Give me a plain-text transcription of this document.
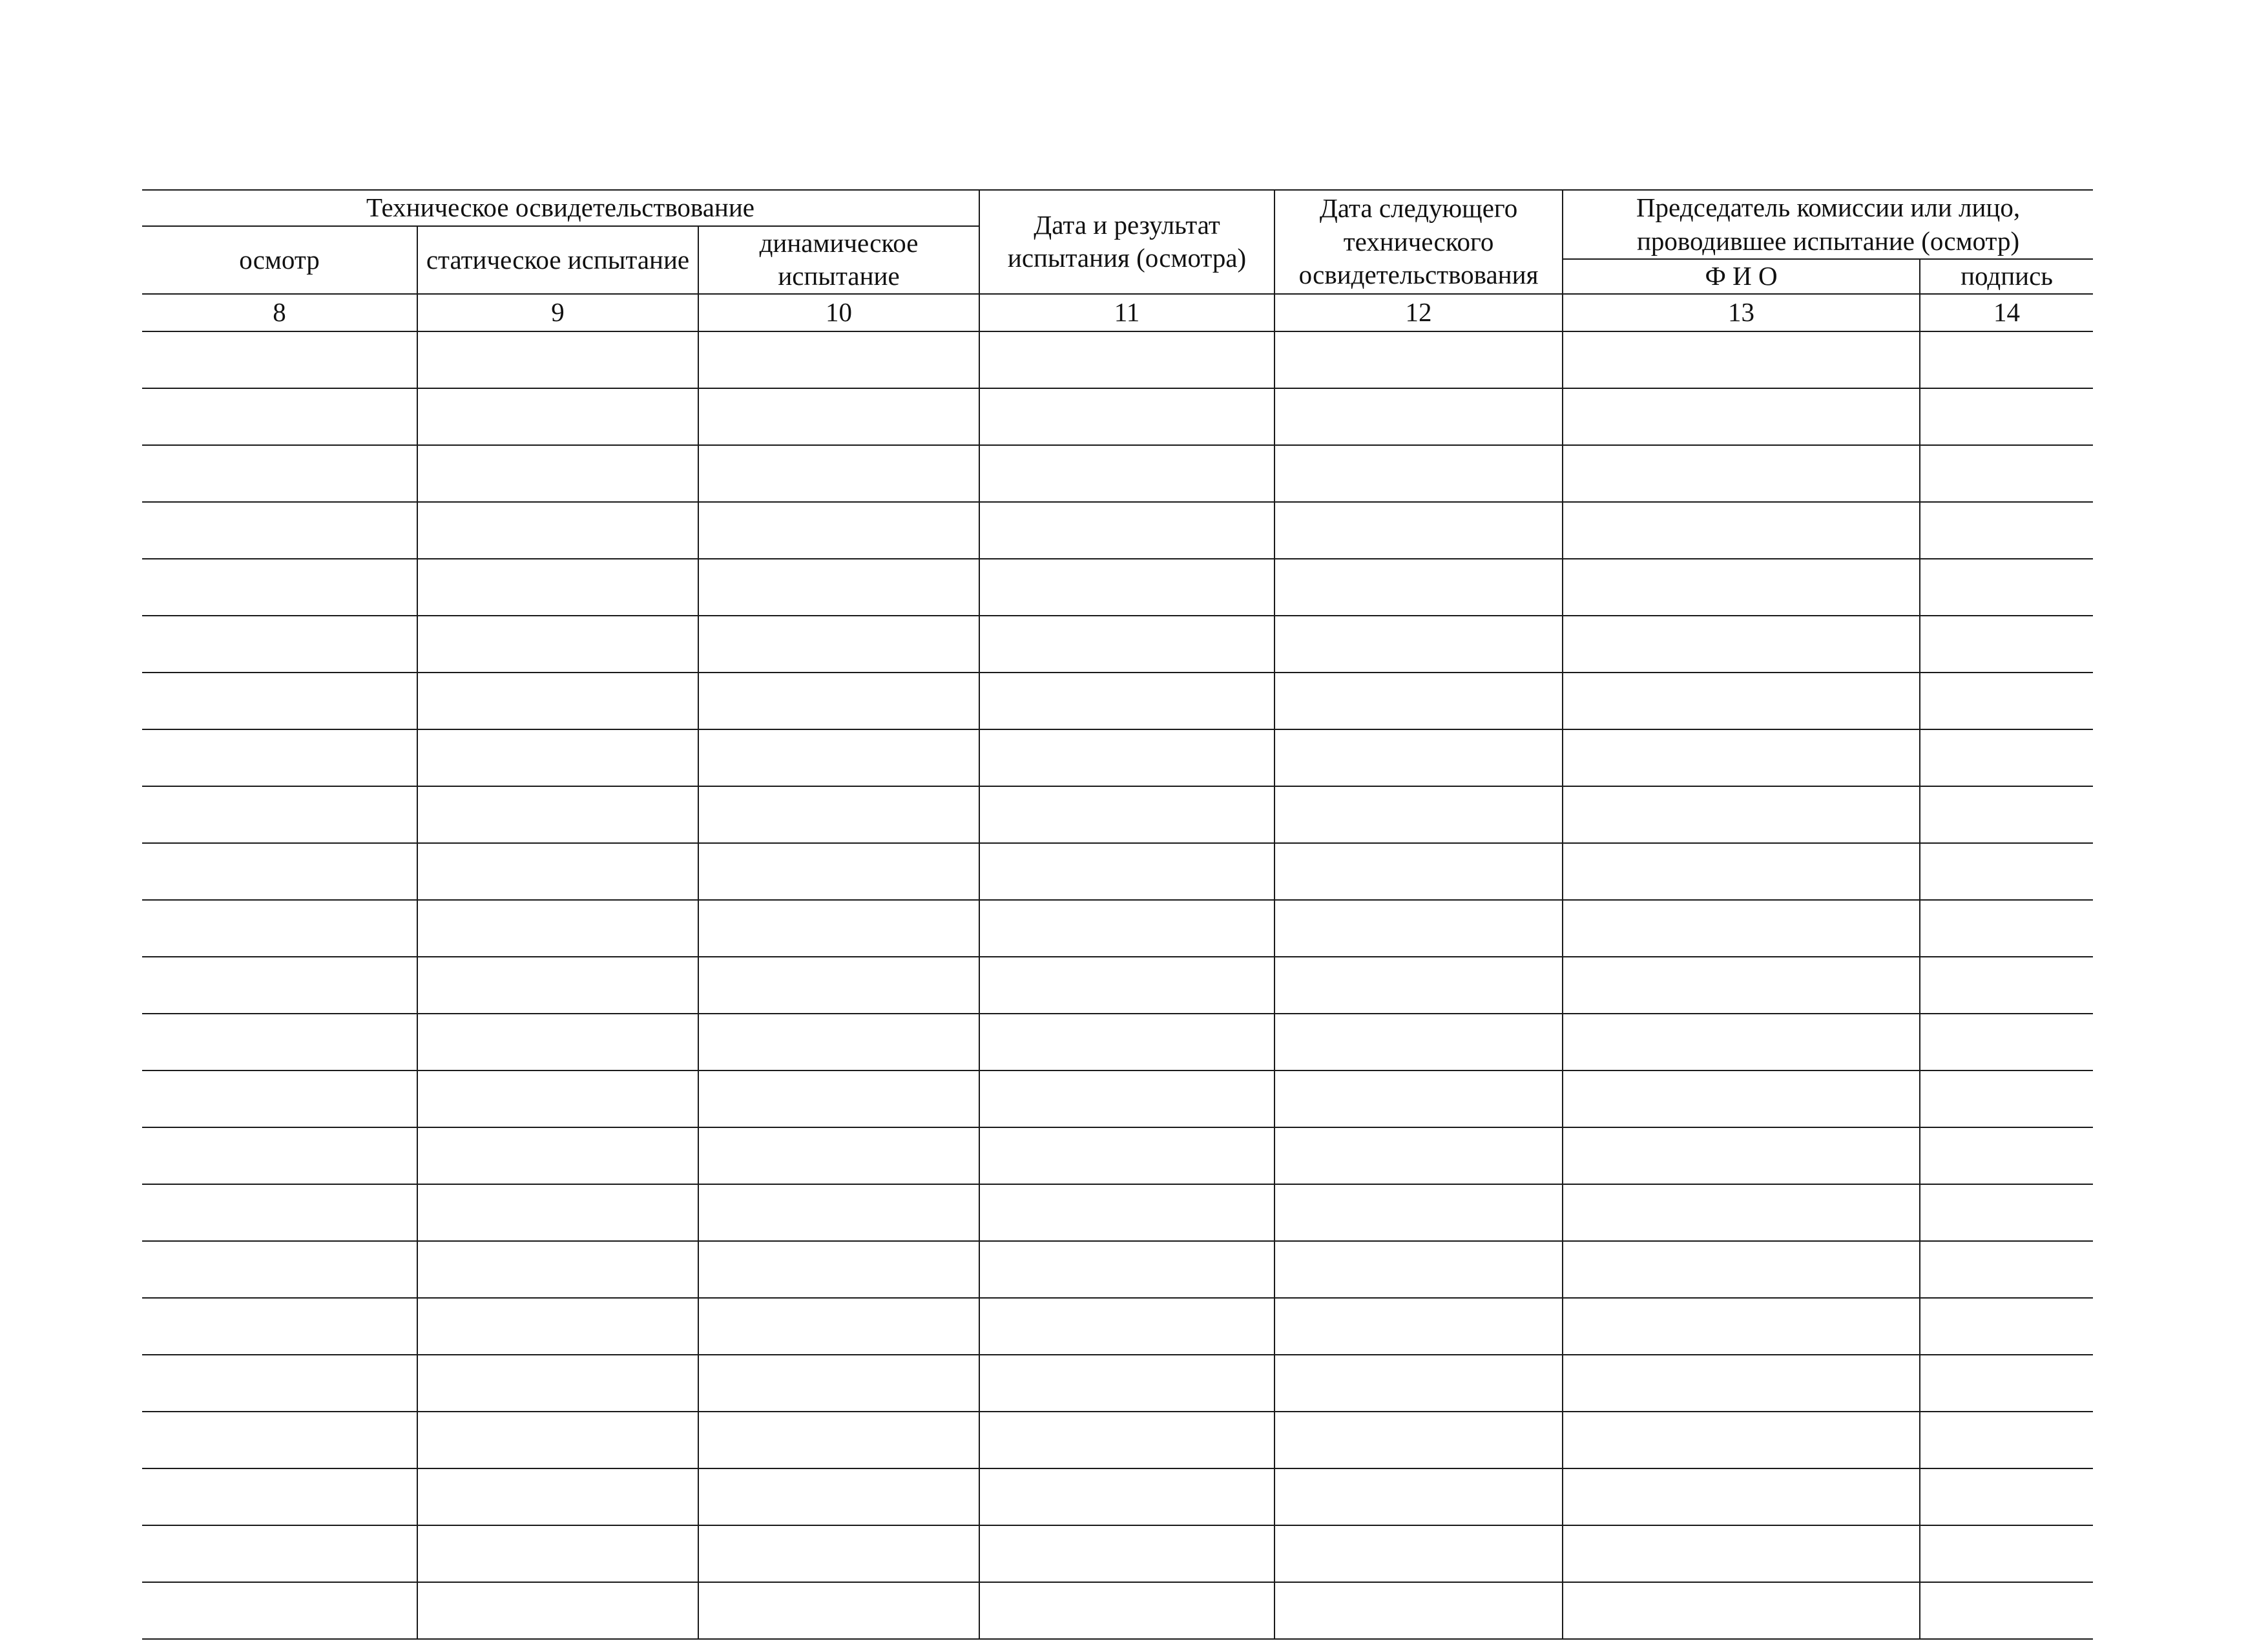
Техническое освидетельствование			Дата и результат испытания (осмотра)	Дата следующего технического освидетельствования	Председатель комиссии или лицо, проводившее испытание (осмотр)	

осмотр	статическое испытание	динамическое испытание				

					Ф И О	подпись

8	9	10	11	12	13	14
